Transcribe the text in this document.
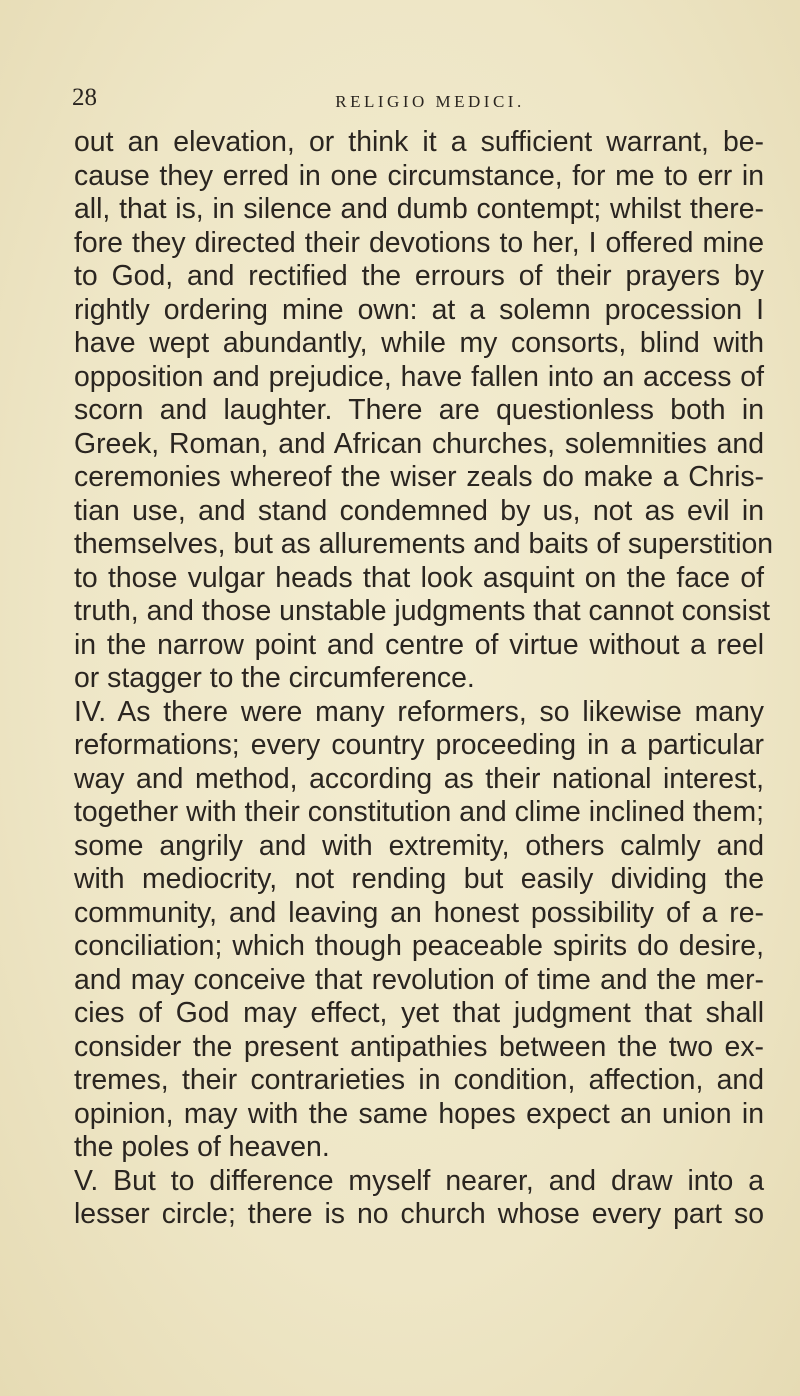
28	RELIGIO MEDICI.
out an elevation, or think it a sufficient warrant, be-
cause they erred in one circumstance, for me to err in
all, that is, in silence and dumb contempt; whilst there-
fore they directed their devotions to her, I offered mine
to God, and rectified the errours of their prayers by
rightly ordering mine own: at a solemn procession I
have wept abundantly, while my consorts, blind with
opposition and prejudice, have fallen into an access of
scorn and laughter. There are questionless both in
Greek, Roman, and African churches, solemnities and
ceremonies whereof the wiser zeals do make a Chris-
tian use, and stand condemned by us, not as evil in
themselves, but as allurements and baits of superstition
to those vulgar heads that look asquint on the face of
truth, and those unstable judgments that cannot consist
in the narrow point and centre of virtue without a reel
or stagger to the circumference.
IV. As there were many reformers, so likewise many
reformations; every country proceeding in a particular
way and method, according as their national interest,
together with their constitution and clime inclined them;
some angrily and with extremity, others calmly and
with mediocrity, not rending but easily dividing the
community, and leaving an honest possibility of a re-
conciliation; which though peaceable spirits do desire,
and may conceive that revolution of time and the mer-
cies of God may effect, yet that judgment that shall
consider the present antipathies between the two ex-
tremes, their contrarieties in condition, affection, and
opinion, may with the same hopes expect an union in
the poles of heaven.
V. But to difference myself nearer, and draw into a
lesser circle; there is no church whose every part so
